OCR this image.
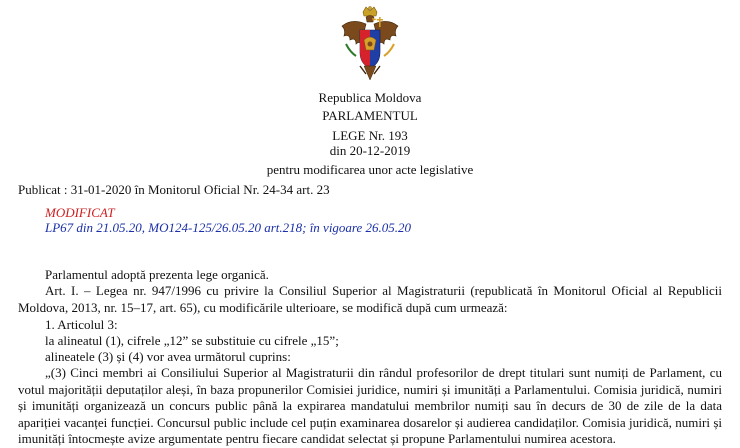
Republica Moldova
PARLAMENTUL
LEGE Nr. 193
din 20-12-2019
pentru modificarea unor acte legislative
Publicat : 31-01-2020 în Monitorul Oficial Nr. 24-34 art. 23
MODIFICAT
LP67 din 21.05.20, MO124-125/26.05.20 art.218; în vigoare 26.05.20
Parlamentul adoptă prezenta lege organică.
Art. I. – Legea nr. 947/1996 cu privire la Consiliul Superior al Magistraturii (republicată în Monitorul Oficial al Republicii Moldova, 2013, nr. 15–17, art. 65), cu modificările ulterioare, se modifică după cum urmează:
1. Articolul 3:
la alineatul (1), cifrele „12” se substituie cu cifrele „15”;
alineatele (3) și (4) vor avea următorul cuprins:
„(3) Cinci membri ai Consiliului Superior al Magistraturii din rândul profesorilor de drept titulari sunt numiți de Parlament, cu votul majorității deputaților aleși, în baza propunerilor Comisiei juridice, numiri și imunități a Parlamentului. Comisia juridică, numiri și imunități organizează un concurs public până la expirarea mandatului membrilor numiți sau în decurs de 30 de zile de la data apariției vacanței funcției. Concursul public include cel puțin examinarea dosarelor și audierea candidaților. Comisia juridică, numiri și imunități întocmește avize argumentate pentru fiecare candidat selectat și propune Parlamentului numirea acestora.
